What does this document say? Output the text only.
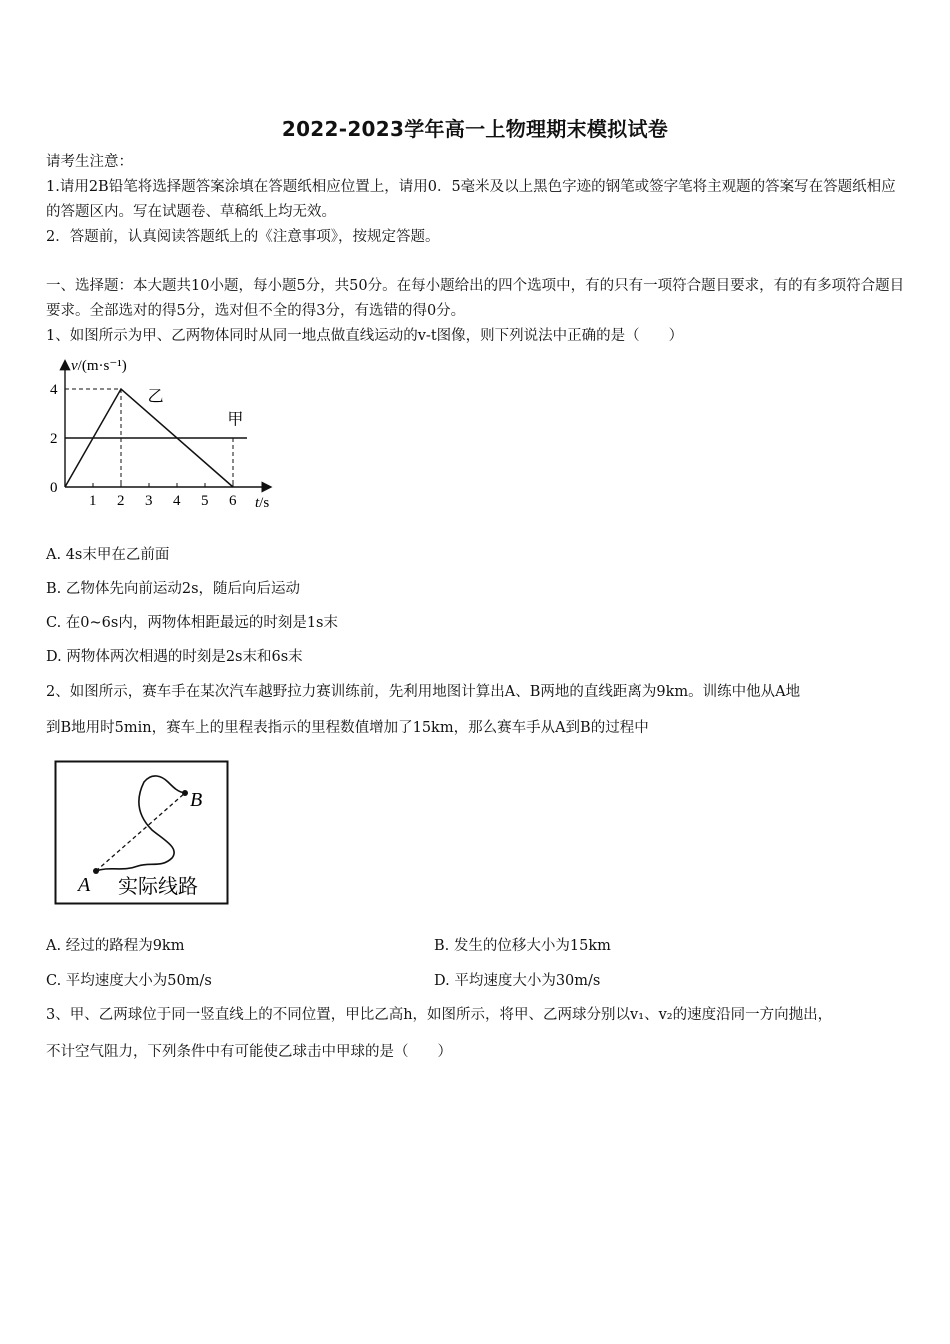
2022-2023学年高一上物理期末模拟试卷
请考生注意：
1.请用2B铅笔将选择题答案涂填在答题纸相应位置上，请用0．5毫米及以上黑色字迹的钢笔或签字笔将主观题的答案写在答题纸相应的答题区内。写在试题卷、草稿纸上均无效。
2．答题前，认真阅读答题纸上的《注意事项》，按规定答题。
一、选择题：本大题共10小题，每小题5分，共50分。在每小题给出的四个选项中，有的只有一项符合题目要求，有的有多项符合题目要求。全部选对的得5分，选对但不全的得3分，有选错的得0分。
1、如图所示为甲、乙两物体同时从同一地点做直线运动的v-t图像，则下列说法中正确的是（　　）
v/(m·s⁻¹)
t/s
1 2 3 4 5 6
4
2
0
乙
甲
A. 4s末甲在乙前面
B. 乙物体先向前运动2s，随后向后运动
C. 在0~6s内，两物体相距最远的时刻是1s末
D. 两物体两次相遇的时刻是2s末和6s末
2、如图所示，赛车手在某次汽车越野拉力赛训练前，先利用地图计算出A、B两地的直线距离为9km。训练中他从A地
到B地用时5min，赛车上的里程表指示的里程数值增加了15km，那么赛车手从A到B的过程中
A
B
实际线路
A. 经过的路程为9km	B. 发生的位移大小为15km
C. 平均速度大小为50m/s	D. 平均速度大小为30m/s
3、甲、乙两球位于同一竖直线上的不同位置，甲比乙高h，如图所示，将甲、乙两球分别以v₁、v₂的速度沿同一方向抛出，
不计空气阻力，下列条件中有可能使乙球击中甲球的是（　　）
